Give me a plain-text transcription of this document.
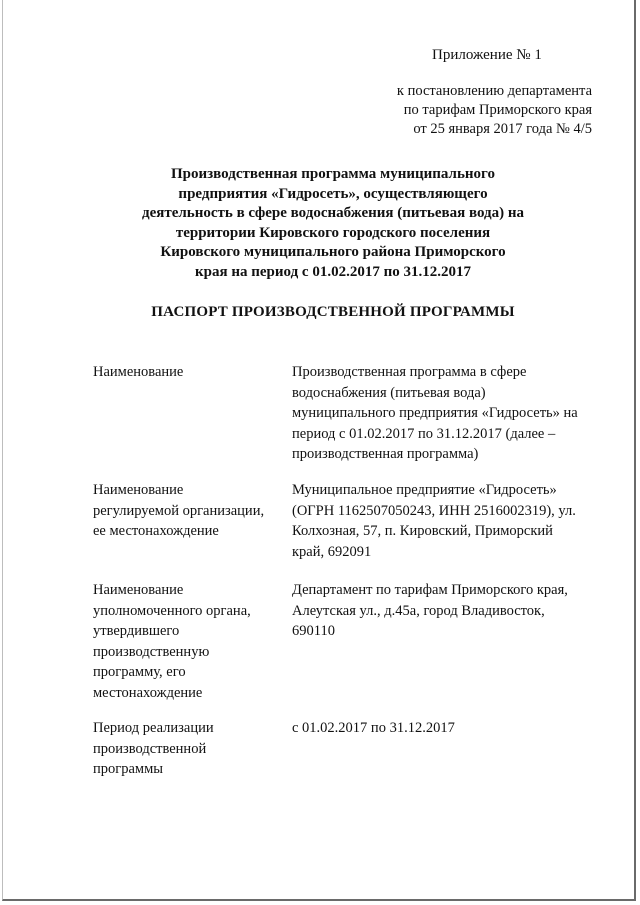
Приложение № 1
к постановлению департамента
по тарифам Приморского края
от 25 января 2017 года № 4/5
Производственная программа муниципального
предприятия «Гидросеть», осуществляющего
деятельность в сфере водоснабжения (питьевая вода) на
территории Кировского городского поселения
Кировского муниципального района Приморского
края на период с 01.02.2017 по 31.12.2017
ПАСПОРТ ПРОИЗВОДСТВЕННОЙ ПРОГРАММЫ
Наименование	Производственная программа в сфере
водоснабжения (питьевая вода)
муниципального предприятия «Гидросеть» на
период с 01.02.2017 по 31.12.2017 (далее –
производственная программа)
Наименование
регулируемой организации,
ее местонахождение
Муниципальное предприятие «Гидросеть»
(ОГРН 1162507050243, ИНН 2516002319), ул.
Колхозная, 57, п. Кировский, Приморский
край, 692091
Наименование
уполномоченного органа,
утвердившего
производственную
программу, его
местонахождение
Департамент по тарифам Приморского края,
Алеутская ул., д.45а, город Владивосток,
690110
Период реализации
производственной
программы
с 01.02.2017 по 31.12.2017
